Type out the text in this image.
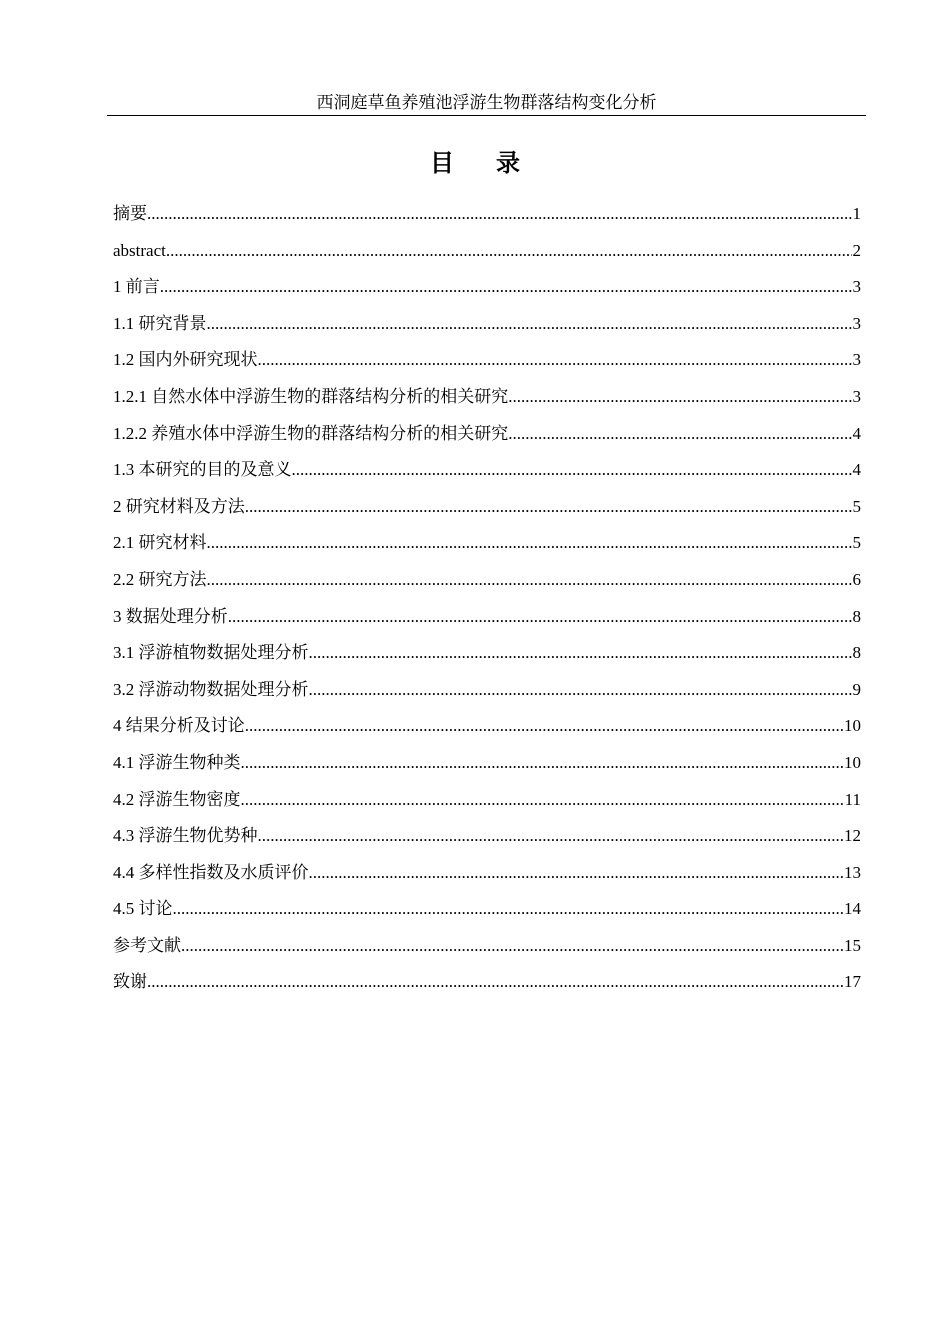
西洞庭草鱼养殖池浮游生物群落结构变化分析
目 录
摘要 .....	1
abstract .....	2
1 前言 .....	3
1.1 研究背景 .....	3
1.2 国内外研究现状 .....	3
1.2.1 自然水体中浮游生物的群落结构分析的相关研究 .....	3
1.2.2 养殖水体中浮游生物的群落结构分析的相关研究 .....	4
1.3 本研究的目的及意义 .....	4
2 研究材料及方法 .....	5
2.1 研究材料 .....	5
2.2 研究方法 .....	6
3 数据处理分析 .....	8
3.1 浮游植物数据处理分析 .....	8
3.2 浮游动物数据处理分析 .....	9
4 结果分析及讨论 .....	10
4.1 浮游生物种类 .....	10
4.2 浮游生物密度 .....	11
4.3 浮游生物优势种 .....	12
4.4 多样性指数及水质评价 .....	13
4.5 讨论 .....	14
参考文献 .....	15
致谢 .....	17
